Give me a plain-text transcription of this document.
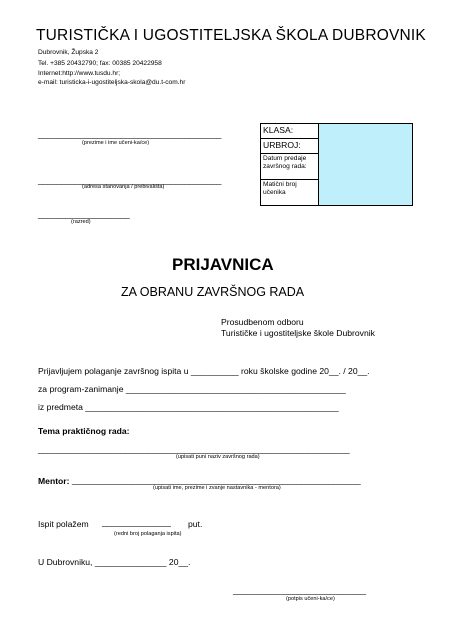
TURISTIČKA I UGOSTITELJSKA ŠKOLA DUBROVNIK
Dubrovnik, Župska 2
Tel. +385 20432790; fax: 00385 20422958
Internet:http://www.tusdu.hr;
e-mail: turisticka-i-ugostiteljska-skola@du.t-com.hr
________________________________________
(prezime i ime učeni-ka/ce)
________________________________________
(adresa stanovanja / prebivališta)
____________________
(razred)
KLASA:	
URBROJ:
Datum predaje završnog rada:
Matični broj učenika
PRIJAVNICA
ZA OBRANU ZAVRŠNOG RADA
Prosudbenom odboru
Turističke i ugostiteljske škole Dubrovnik
Prijavljujem polaganje završnog ispita u __________ roku školske godine 20__. / 20__.
za program-zanimanje ______________________________________________
iz predmeta _____________________________________________________
Tema praktičnog rada:
____________________________________________________________________
(upisati puni naziv završnog rada)
Mentor: _______________________________________________________________
(upisati ime, prezime i zvanje nastavnika - mentora)
Ispit polažem _______________ put.
(redni broj polaganja ispita)
U Dubrovniku, _______________ 20__.
_____________________________
(potpis učeni-ka/ce)
